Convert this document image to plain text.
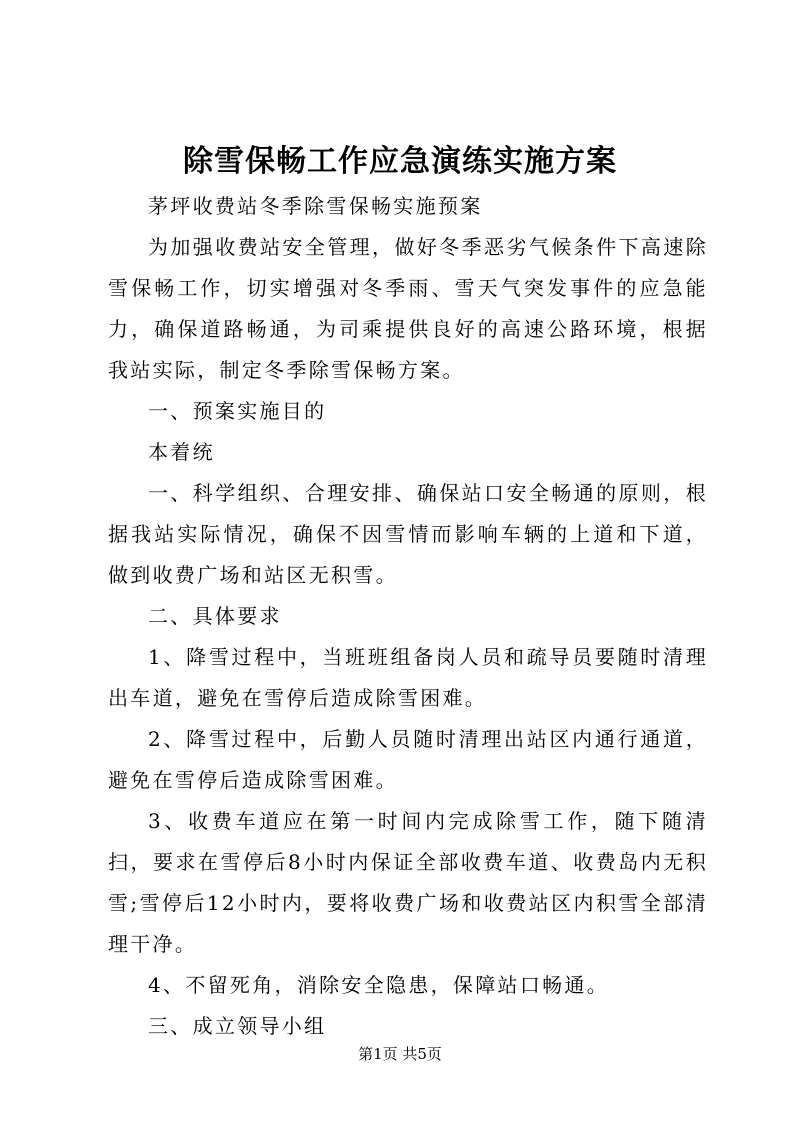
除雪保畅工作应急演练实施方案

茅坪收费站冬季除雪保畅实施预案

为加强收费站安全管理，做好冬季恶劣气候条件下高速除雪保畅工作，切实增强对冬季雨、雪天气突发事件的应急能力，确保道路畅通，为司乘提供良好的高速公路环境，根据我站实际，制定冬季除雪保畅方案。

一、预案实施目的

本着统

一、科学组织、合理安排、确保站口安全畅通的原则，根据我站实际情况，确保不因雪情而影响车辆的上道和下道，做到收费广场和站区无积雪。

二、具体要求

1、降雪过程中，当班班组备岗人员和疏导员要随时清理出车道，避免在雪停后造成除雪困难。

2、降雪过程中，后勤人员随时清理出站区内通行通道，避免在雪停后造成除雪困难。

3、收费车道应在第一时间内完成除雪工作，随下随清扫，要求在雪停后8小时内保证全部收费车道、收费岛内无积雪;雪停后12小时内，要将收费广场和收费站区内积雪全部清理干净。

4、不留死角，消除安全隐患，保障站口畅通。

三、成立领导小组

第1页 共5页
